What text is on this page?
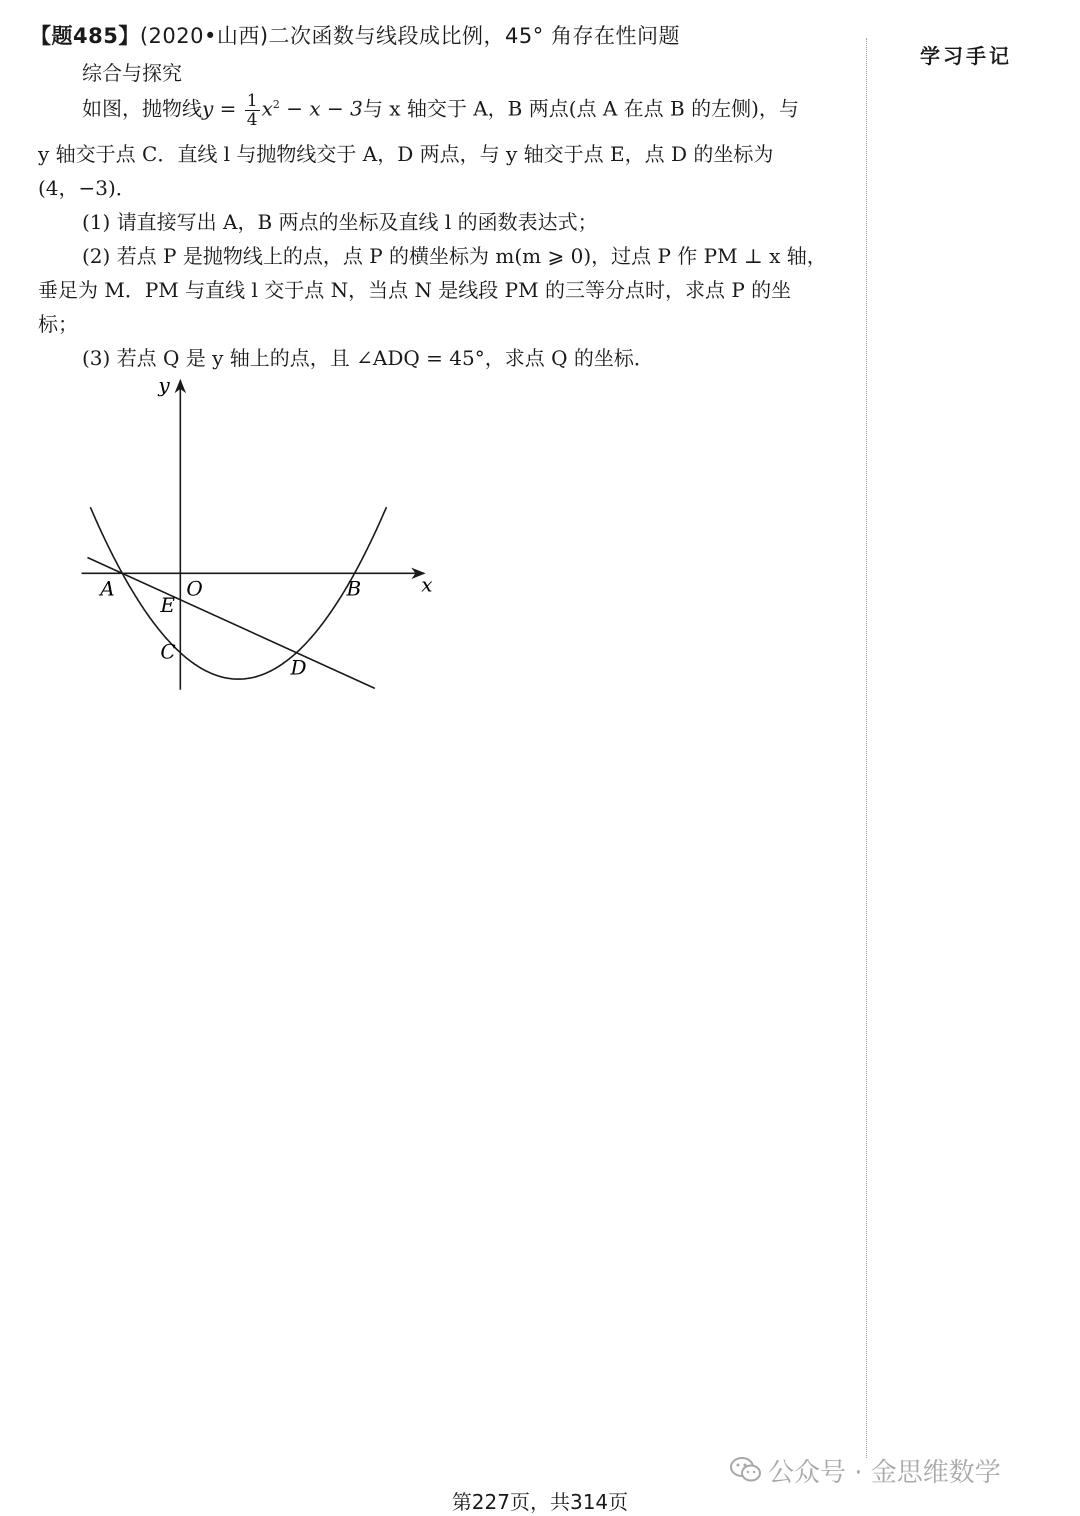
【题485】(2020•山西)二次函数与线段成比例，45° 角存在性问题
学习手记
综合与探究
如图，抛物线$y = \frac{1}{4} x^2 - x - 3$与 x 轴交于 A，B 两点(点 A 在点 B 的左侧)，与
y 轴交于点 C．直线 l 与抛物线交于 A，D 两点，与 y 轴交于点 E，点 D 的坐标为
(4，−3)．
(1) 请直接写出 A，B 两点的坐标及直线 l 的函数表达式；
(2) 若点 P 是抛物线上的点，点 P 的横坐标为 m(m ⩾ 0)，过点 P 作 PM ⊥ x 轴，
垂足为 M．PM 与直线 l 交于点 N，当点 N 是线段 PM 的三等分点时，求点 P 的坐
标；
(3) 若点 Q 是 y 轴上的点，且 ∠ADQ = 45°，求点 Q 的坐标．
x
y
A	B
O
E
C
D
公众号 · 金思维数学
第227页，共314页
